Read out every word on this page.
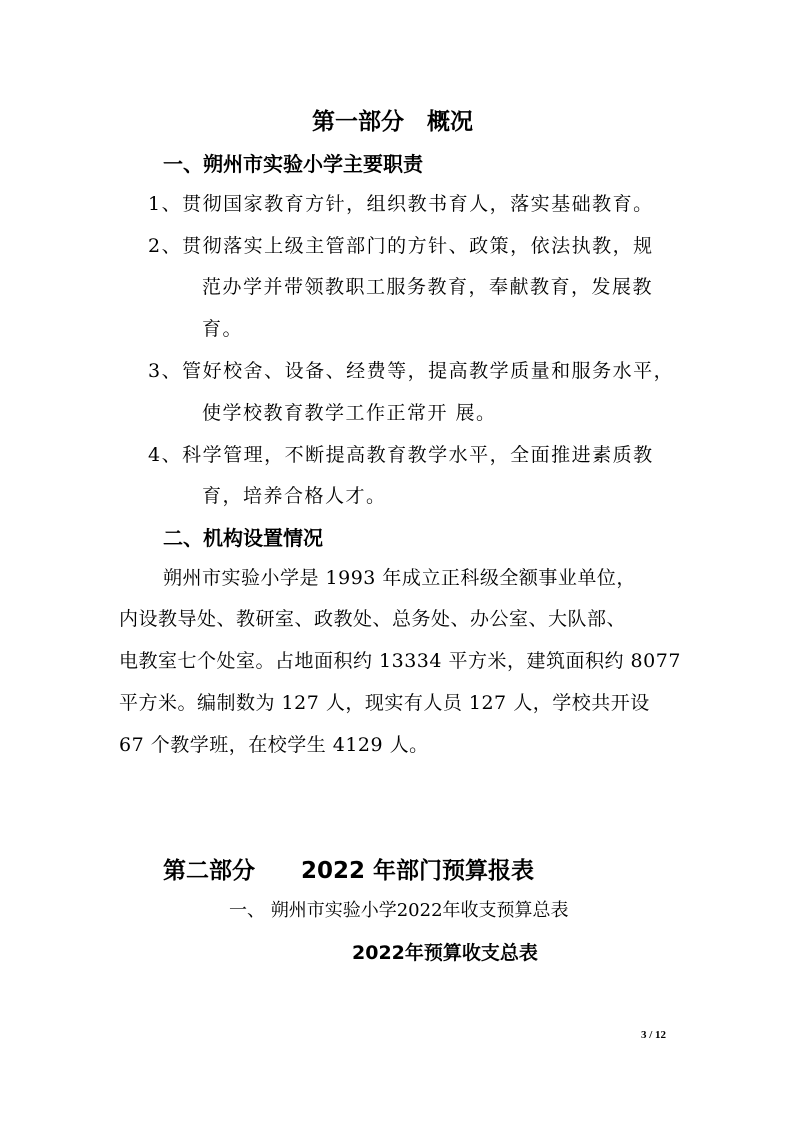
第一部分　概况
一、朔州市实验小学主要职责
1、贯彻国家教育方针，组织教书育人，落实基础教育。
2、贯彻落实上级主管部门的方针、政策，依法执教，规
范办学并带领教职工服务教育，奉献教育，发展教
育。
3、管好校舍、设备、经费等，提高教学质量和服务水平，
使学校教育教学工作正常开 展。
4、科学管理，不断提高教育教学水平，全面推进素质教
育，培养合格人才。
二、机构设置情况
朔州市实验小学是 1993 年成立正科级全额事业单位，
内设教导处、教研室、政教处、总务处、办公室、大队部、
电教室七个处室。占地面积约 13334 平方米，建筑面积约 8077
平方米。编制数为 127 人，现实有人员 127 人，学校共开设
67 个教学班，在校学生 4129 人。
第二部分　　2022 年部门预算报表
一、 朔州市实验小学2022年收支预算总表
2022年预算收支总表
3 / 12
